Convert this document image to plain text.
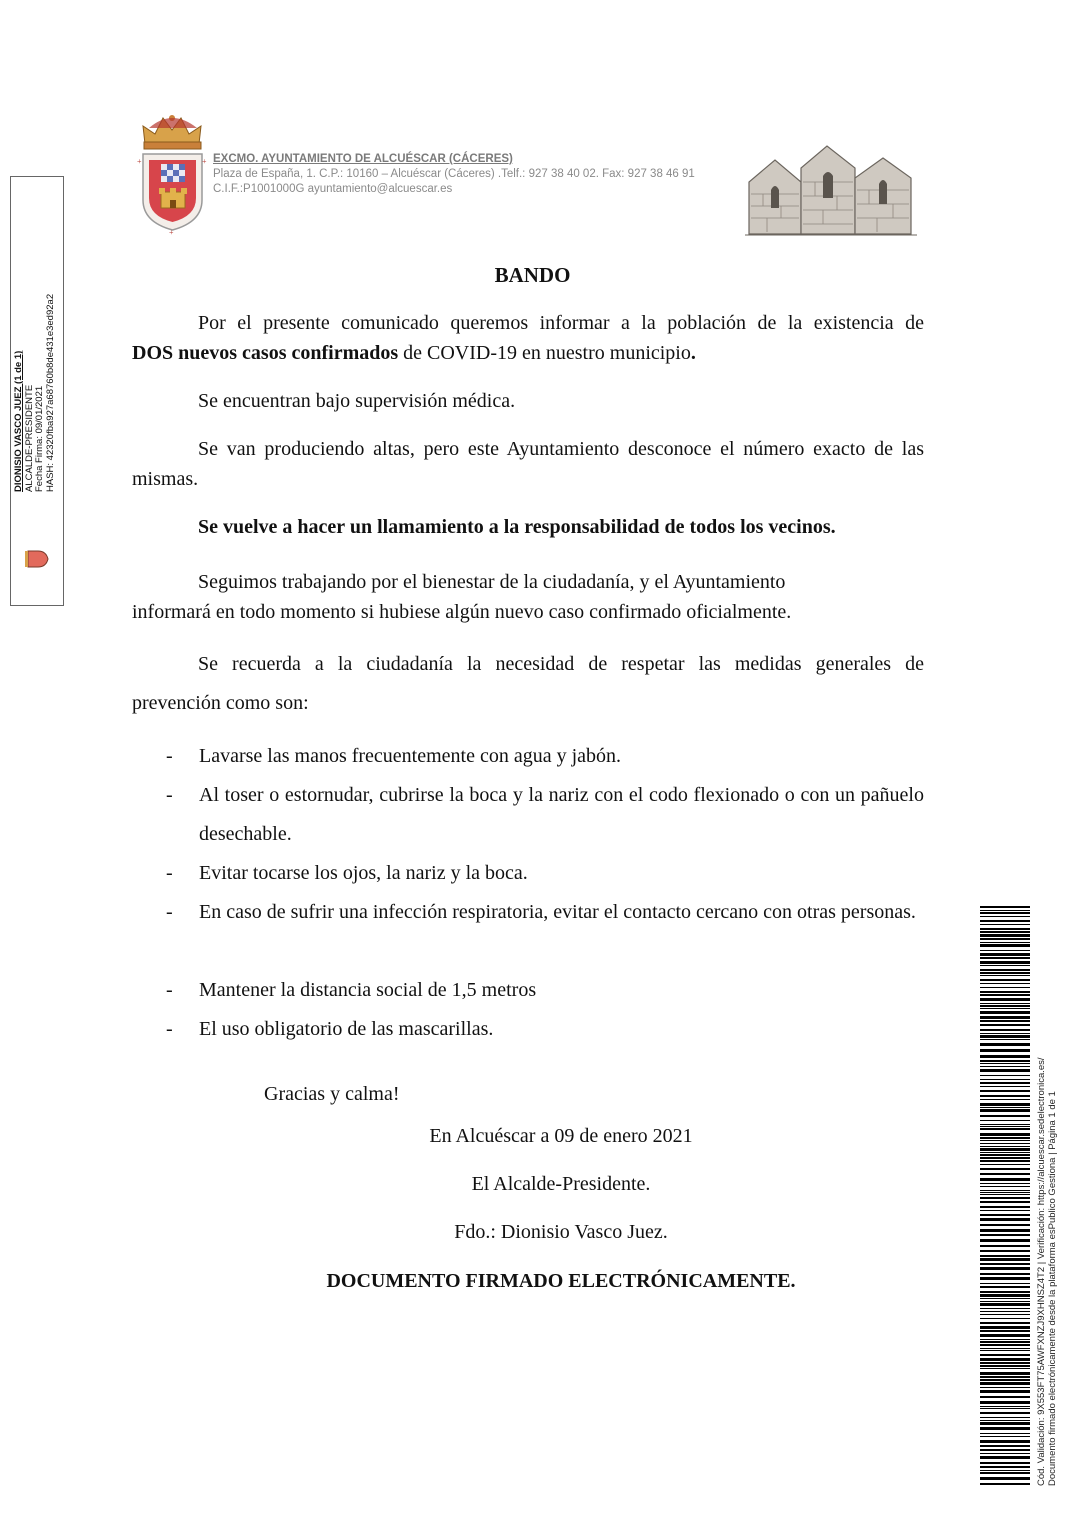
+	+
+
EXCMO. AYUNTAMIENTO DE ALCUÉSCAR (CÁCERES)
Plaza de España, 1. C.P.: 10160 – Alcuéscar (Cáceres) .Telf.: 927 38 40 02. Fax: 927 38 46 91
C.I.F.:P1001000G ayuntamiento@alcuescar.es
DIONISIO VASCO JUEZ (1 de 1) ALCALDE-PRESIDENTE Fecha Firma: 09/01/2021 HASH: 42320fba927a68760b8de431e3ed92a2
BANDO
Por el presente comunicado queremos informar a la población de la existencia de
DOS nuevos casos confirmados de COVID-19 en nuestro municipio.
Se encuentran bajo supervisión médica.
Se van produciendo altas, pero este Ayuntamiento desconoce el número exacto de las mismas.
Se vuelve a hacer un llamamiento a la responsabilidad de todos los vecinos.
Seguimos trabajando por el bienestar de la ciudadanía, y el Ayuntamiento
informará en todo momento si hubiese algún nuevo caso confirmado oficialmente.
Se recuerda a la ciudadanía la necesidad de respetar las medidas generales de
prevención como son:
- Lavarse las manos frecuentemente con agua y jabón.
- Al toser o estornudar, cubrirse la boca y la nariz con el codo flexionado o con un pañuelo desechable.
- Evitar tocarse los ojos, la nariz y la boca.
- En caso de sufrir una infección respiratoria, evitar el contacto cercano con otras personas.
- Mantener la distancia social de 1,5 metros
- El uso obligatorio de las mascarillas.
Gracias y calma!
En Alcuéscar a 09 de enero 2021
El Alcalde-Presidente.
Fdo.: Dionisio Vasco Juez.
DOCUMENTO FIRMADO ELECTRÓNICAMENTE.	Cód. Validación: 9X553FT75AWFXNZJ9XHNSZ4T2 | Verificación: https://alcuescar.sedelectronica.es/ Documento firmado electrónicamente desde la plataforma esPublico Gestiona | Página 1 de 1
